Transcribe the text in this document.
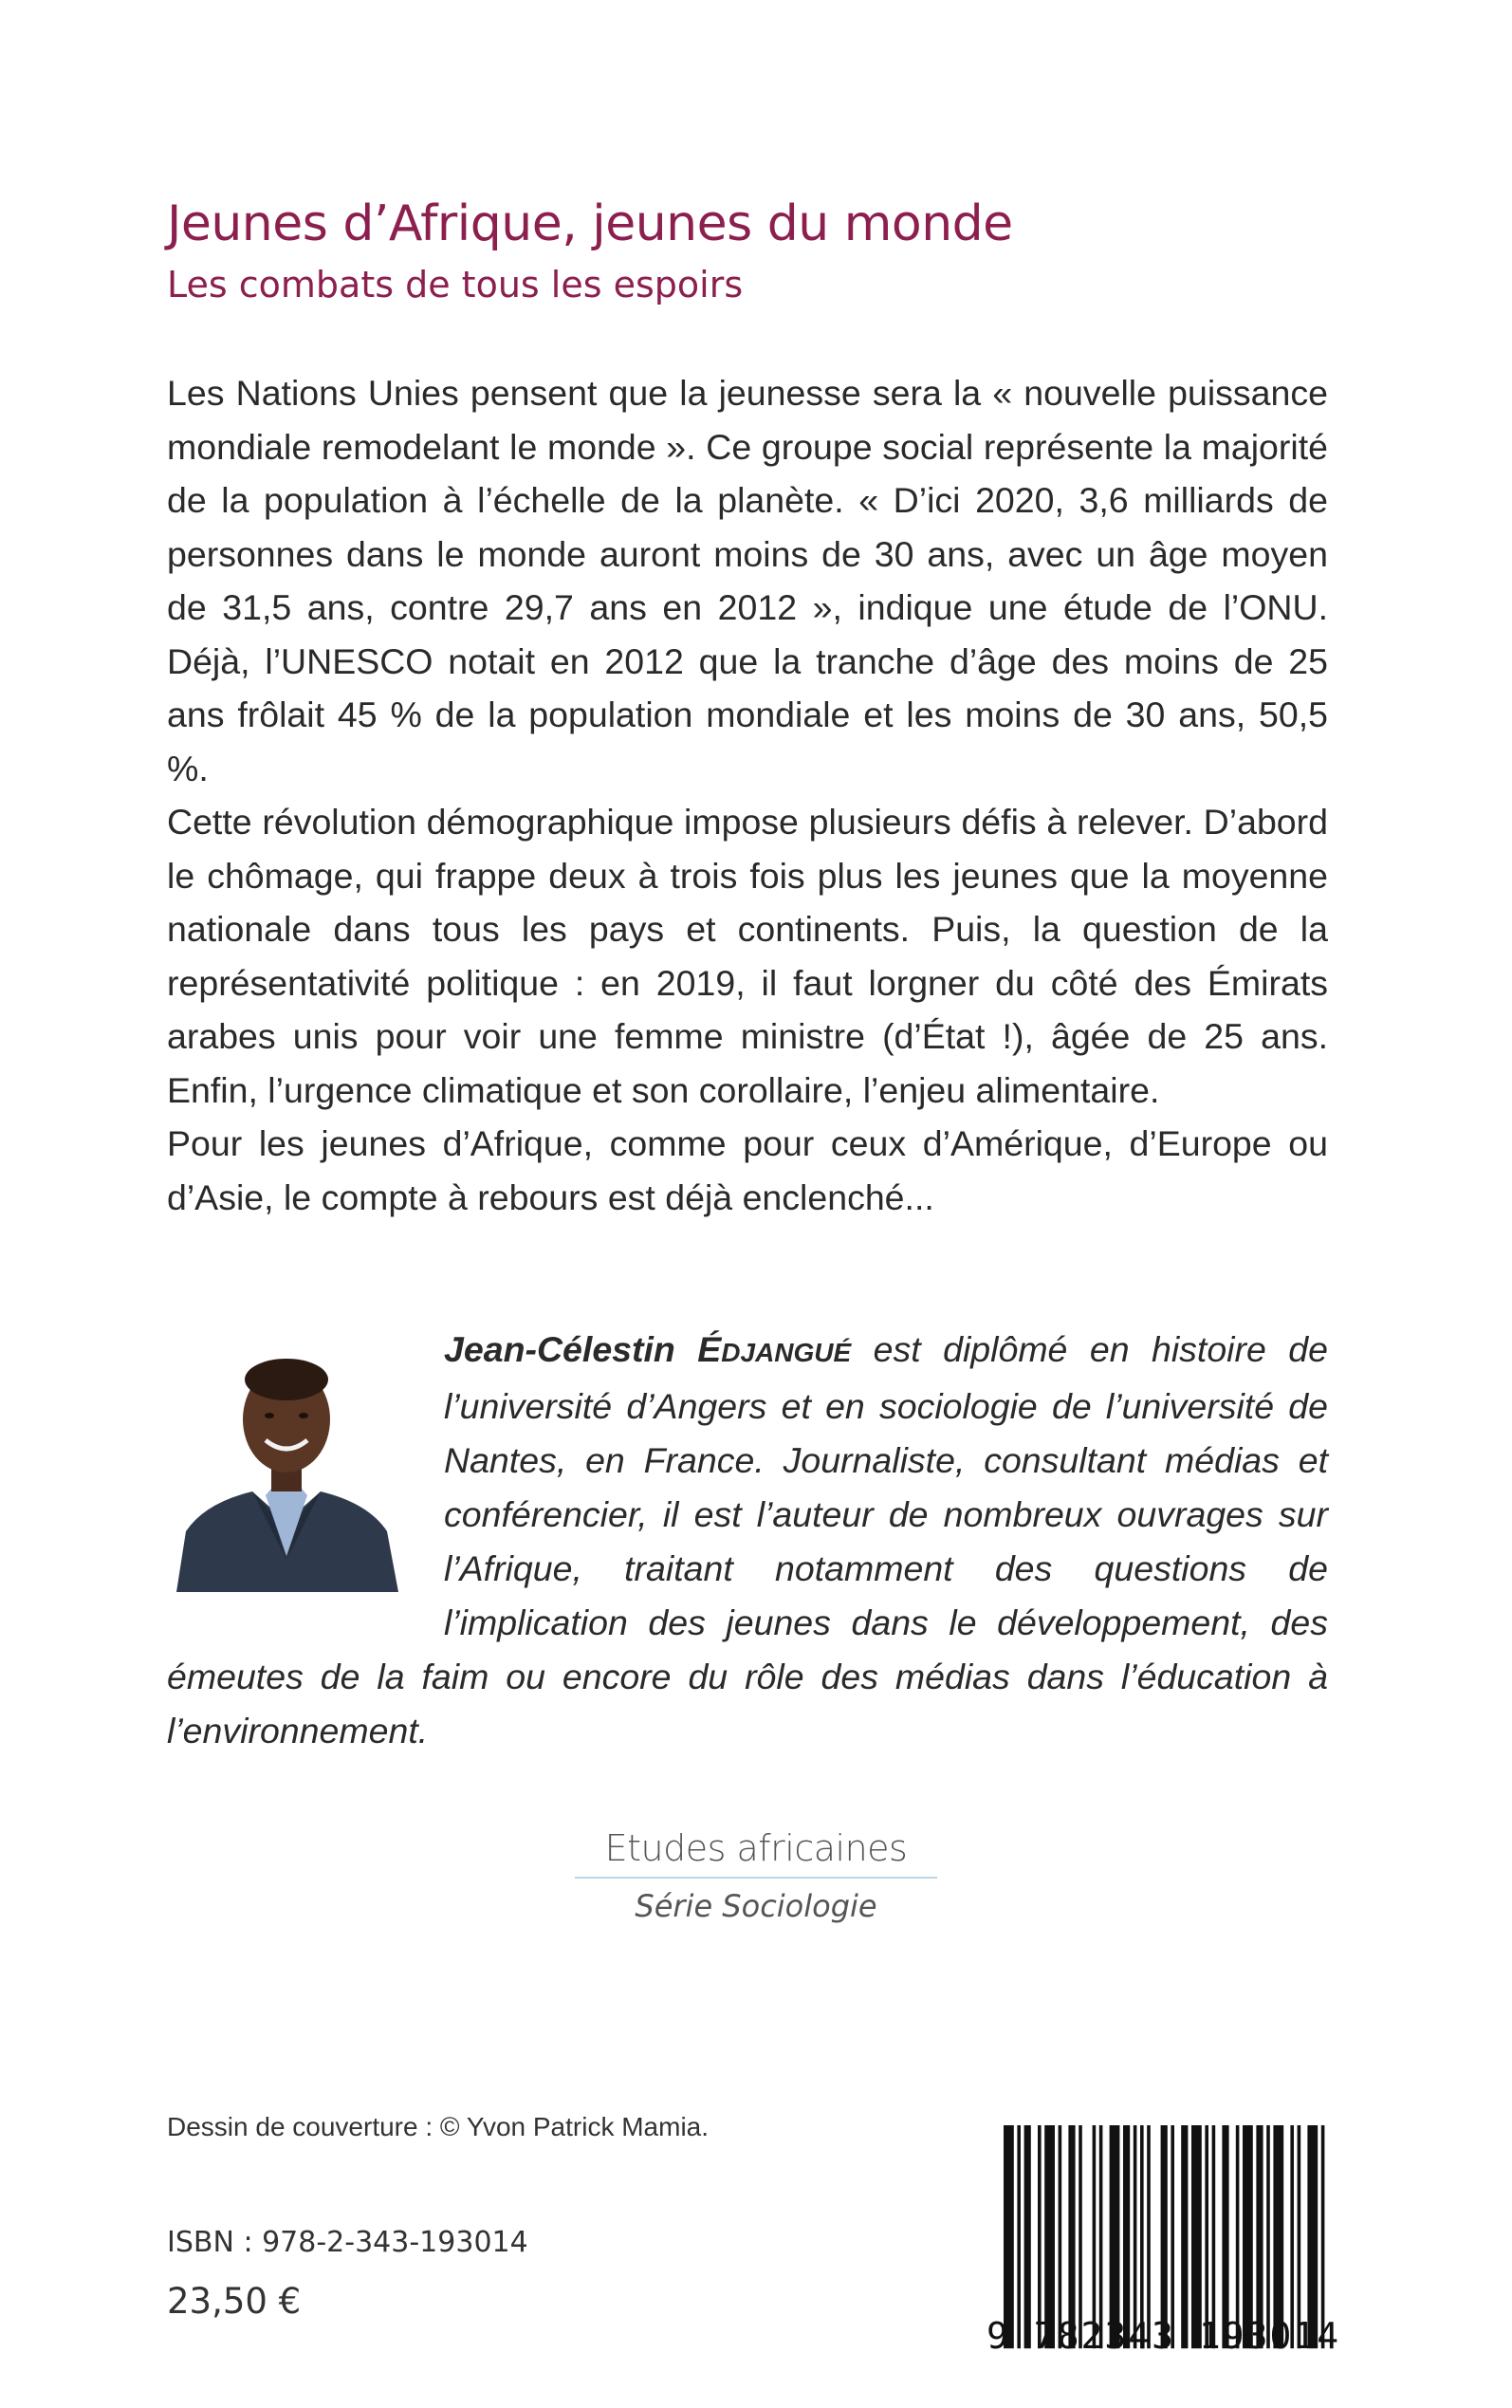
Jeunes d’Afrique, jeunes du monde
Les combats de tous les espoirs

Les Nations Unies pensent que la jeunesse sera la « nouvelle puissance mondiale remodelant le monde ». Ce groupe social représente la majorité de la population à l’échelle de la planète. « D’ici 2020, 3,6 milliards de personnes dans le monde auront moins de 30 ans, avec un âge moyen de 31,5 ans, contre 29,7 ans en 2012 », indique une étude de l’ONU. Déjà, l’UNESCO notait en 2012 que la tranche d’âge des moins de 25 ans frôlait 45 % de la population mondiale et les moins de 30 ans, 50,5 %.

Cette révolution démographique impose plusieurs défis à relever. D’abord le chômage, qui frappe deux à trois fois plus les jeunes que la moyenne nationale dans tous les pays et continents. Puis, la question de la représentativité politique : en 2019, il faut lorgner du côté des Émirats arabes unis pour voir une femme ministre (d’État !), âgée de 25 ans. Enfin, l’urgence climatique et son corollaire, l’enjeu alimentaire.

Pour les jeunes d’Afrique, comme pour ceux d’Amérique, d’Europe ou d’Asie, le compte à rebours est déjà enclenché...

Jean-Célestin ÉDJANGUÉ est diplômé en histoire de l’université d’Angers et en sociologie de l’université de Nantes, en France. Journaliste, consultant médias et conférencier, il est l’auteur de nombreux ouvrages sur l’Afrique, traitant notamment des questions de l’implication des jeunes dans le développement, des émeutes de la faim ou encore du rôle des médias dans l’éducation à l’environnement.
Etudes africaines
Série Sociologie
Dessin de couverture : © Yvon Patrick Mamia.
ISBN : 978-2-343-193014
23,50 €
9 782343 193014
